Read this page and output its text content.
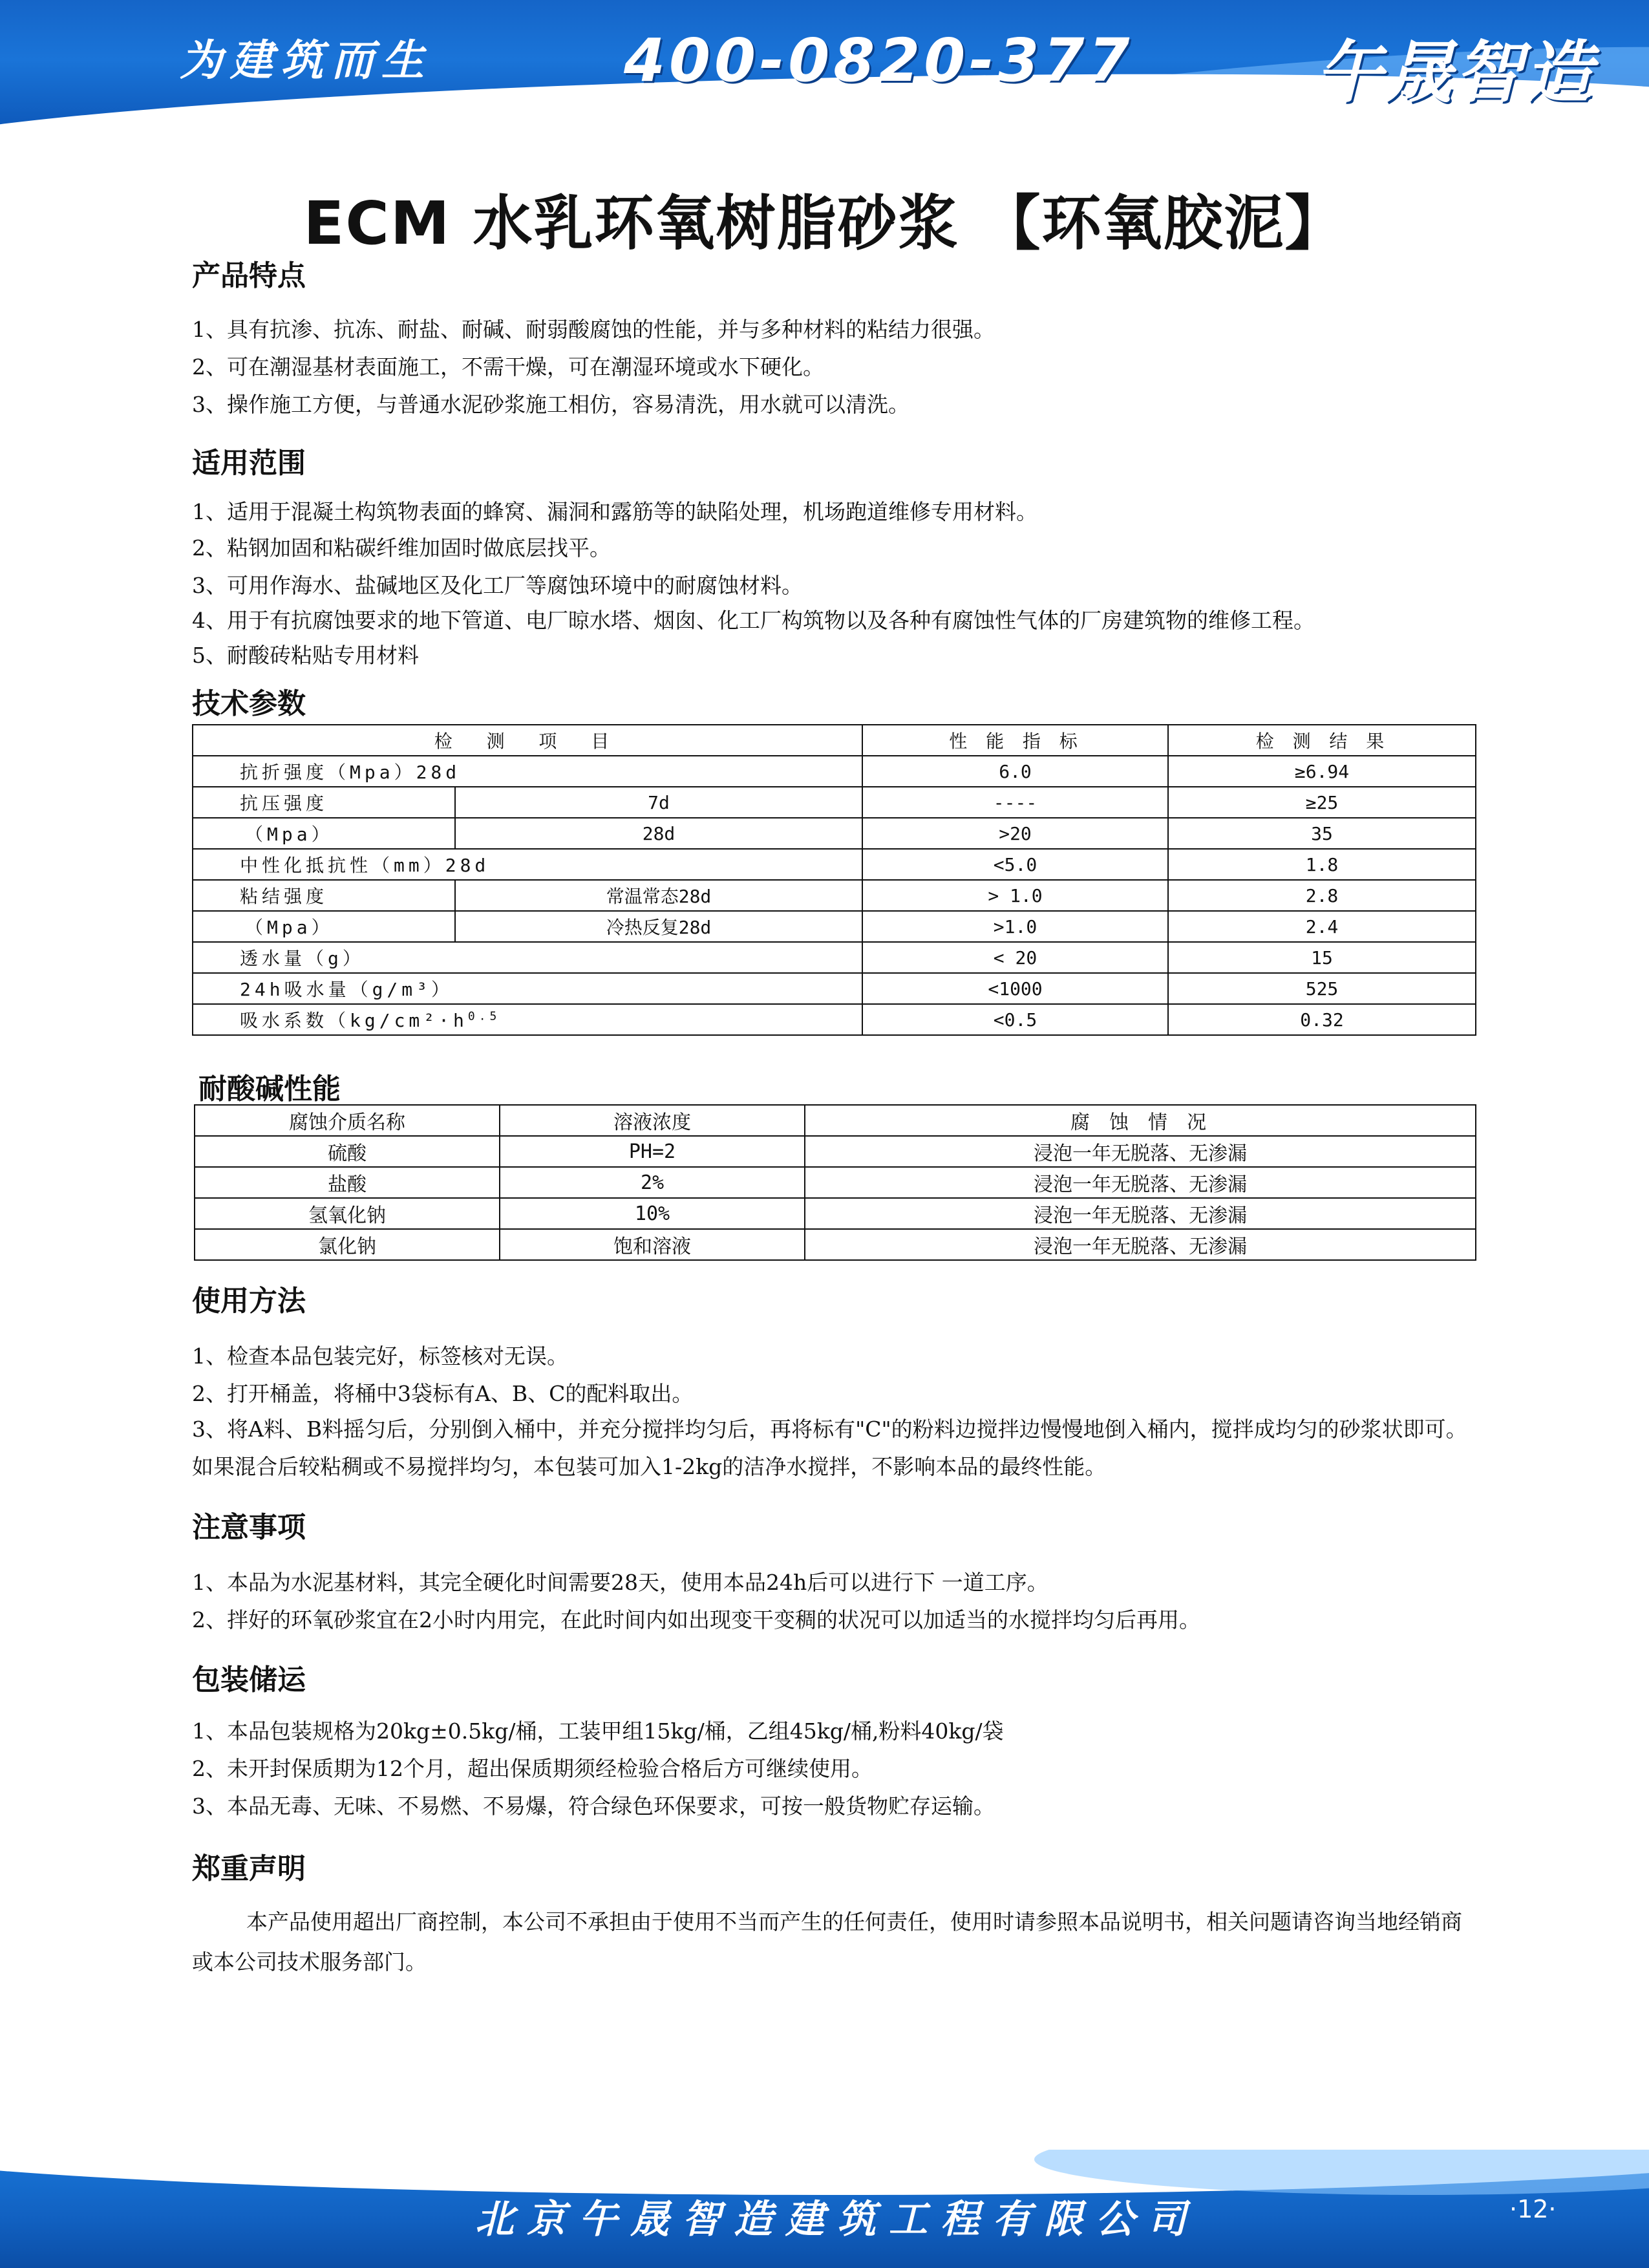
为建筑而生	400-0820-377	午晟智造
ECM 水乳环氧树脂砂浆 【环氧胶泥】
产品特点
1、具有抗渗、抗冻、耐盐、耐碱、耐弱酸腐蚀的性能，并与多种材料的粘结力很强。
2、可在潮湿基材表面施工，不需干燥，可在潮湿环境或水下硬化。
3、操作施工方便，与普通水泥砂浆施工相仿，容易清洗，用水就可以清洗。
适用范围
1、适用于混凝土构筑物表面的蜂窝、漏洞和露筋等的缺陷处理，机场跑道维修专用材料。
2、粘钢加固和粘碳纤维加固时做底层找平。
3、可用作海水、盐碱地区及化工厂等腐蚀环境中的耐腐蚀材料。
4、用于有抗腐蚀要求的地下管道、电厂晾水塔、烟囱、化工厂构筑物以及各种有腐蚀性气体的厂房建筑物的维修工程。
5、耐酸砖粘贴专用材料
技术参数
检 测 项 目		性 能 指 标	检 测 结 果
抗折强度（Mpa）28d		6.0	≥6.94
抗压强度	7d	----	≥25
（Mpa）	28d	>20	35
中性化抵抗性（mm）28d		<5.0	1.8
粘结强度	常温常态28d	> 1.0	2.8
（Mpa）	冷热反复28d	>1.0	2.4
透水量（g）		< 20	15
24h吸水量（g/m³）		<1000	525
吸水系数（$kg/cm^2\cdot h^{0.5}$		<0.5	0.32
耐酸碱性能
腐蚀介质名称	溶液浓度	腐 蚀 情 况
硫酸	PH=2	浸泡一年无脱落、无渗漏
盐酸	2%	浸泡一年无脱落、无渗漏
氢氧化钠	10%	浸泡一年无脱落、无渗漏
氯化钠	饱和溶液	浸泡一年无脱落、无渗漏
使用方法
1、检查本品包装完好，标签核对无误。
2、打开桶盖，将桶中3袋标有A、B、C的配料取出。
3、将A料、B料摇匀后，分别倒入桶中，并充分搅拌均匀后，再将标有"C"的粉料边搅拌边慢慢地倒入桶内，搅拌成均匀的砂浆状即可。如果混合后较粘稠或不易搅拌均匀，本包装可加入1-2kg的洁净水搅拌，不影响本品的最终性能。
注意事项
1、本品为水泥基材料，其完全硬化时间需要28天，使用本品24h后可以进行下 一道工序。
2、拌好的环氧砂浆宜在2小时内用完，在此时间内如出现变干变稠的状况可以加适当的水搅拌均匀后再用。
包装储运
1、本品包装规格为20kg±0.5kg/桶，工装甲组15kg/桶，乙组45kg/桶,粉料40kg/袋
2、未开封保质期为12个月，超出保质期须经检验合格后方可继续使用。
3、本品无毒、无味、不易燃、不易爆，符合绿色环保要求，可按一般货物贮存运输。
郑重声明
本产品使用超出厂商控制，本公司不承担由于使用不当而产生的任何责任，使用时请参照本品说明书，相关问题请咨询当地经销商或本公司技术服务部门。
北京午晟智造建筑工程有限公司	·12·
